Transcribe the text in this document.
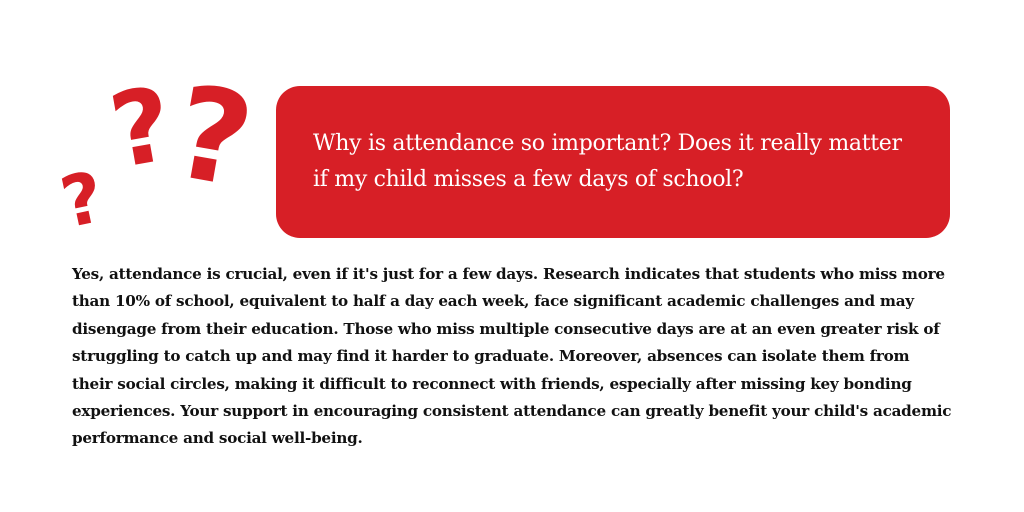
?
?
? Why is attendance so important? Does it really matter if my child misses a few days of school?

Yes, attendance is crucial, even if it's just for a few days. Research indicates that students who miss more than 10% of school, equivalent to half a day each week, face significant academic challenges and may disengage from their education. Those who miss multiple consecutive days are at an even greater risk of struggling to catch up and may find it harder to graduate. Moreover, absences can isolate them from their social circles, making it difficult to reconnect with friends, especially after missing key bonding experiences. Your support in encouraging consistent attendance can greatly benefit your child's academic performance and social well-being.
